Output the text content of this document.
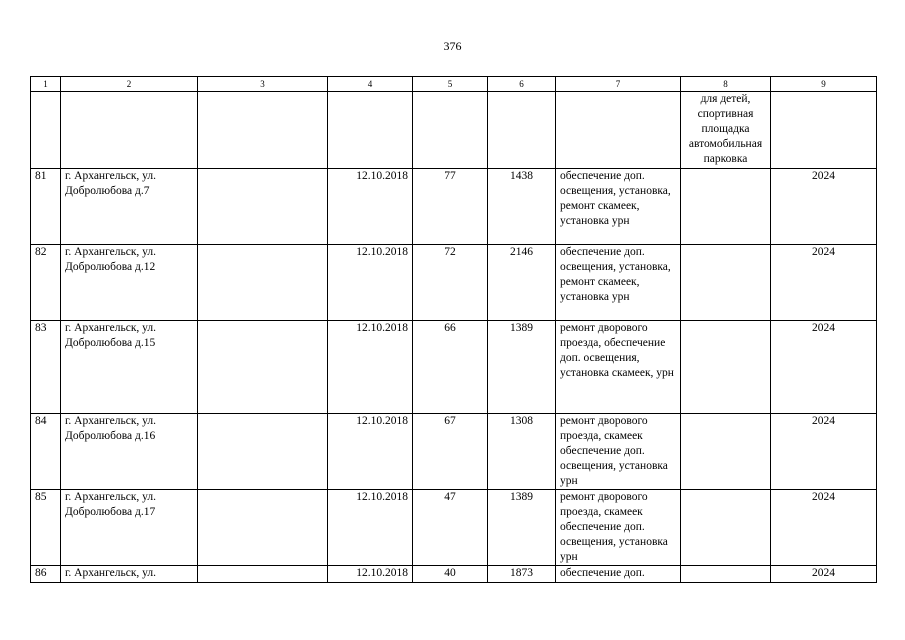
376
1	2	3	4	5	6	7	8	9
							для детей, спортивная площадка автомобильная парковка	
81	г. Архангельск, ул. Добролюбова д.7		12.10.2018	77	1438	обеспечение доп. освещения, установка, ремонт скамеек, установка урн		2024
82	г. Архангельск, ул. Добролюбова д.12		12.10.2018	72	2146	обеспечение доп. освещения, установка, ремонт скамеек, установка урн		2024
83	г. Архангельск, ул. Добролюбова д.15		12.10.2018	66	1389	ремонт дворового проезда, обеспечение доп. освещения, установка скамеек, урн		2024
84	г. Архангельск, ул. Добролюбова д.16		12.10.2018	67	1308	ремонт дворового проезда, скамеек обеспечение доп. освещения, установка урн		2024
85	г. Архангельск, ул. Добролюбова д.17		12.10.2018	47	1389	ремонт дворового проезда, скамеек обеспечение доп. освещения, установка урн		2024
86	г. Архангельск, ул.		12.10.2018	40	1873	обеспечение доп.		2024
